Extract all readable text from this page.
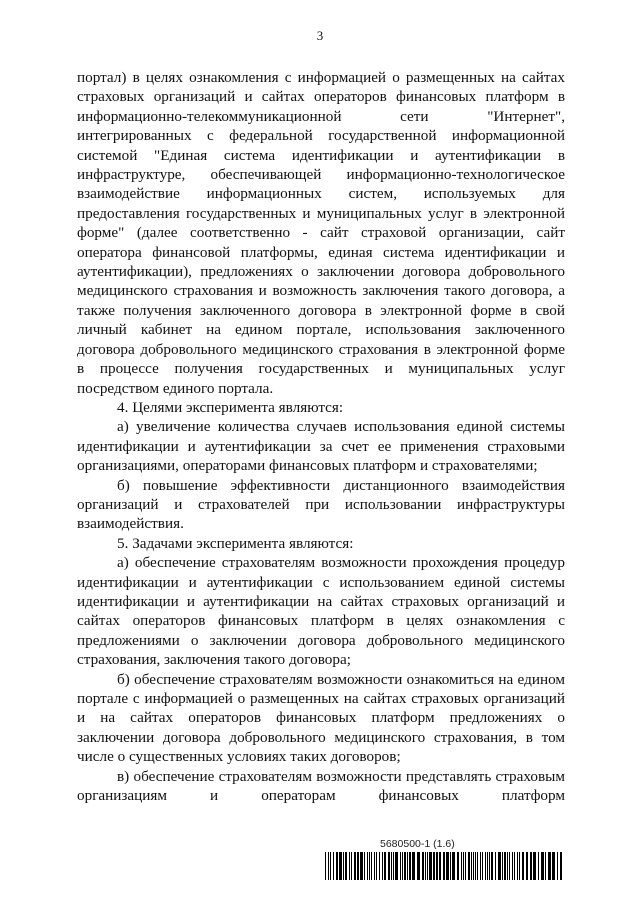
3

портал) в целях ознакомления с информацией о размещенных на сайтах страховых организаций и сайтах операторов финансовых платформ в информационно-телекоммуникационной сети "Интернет", интегрированных с федеральной государственной информационной системой "Единая система идентификации и аутентификации в инфраструктуре, обеспечивающей информационно-технологическое взаимодействие информационных систем, используемых для предоставления государственных и муниципальных услуг в электронной форме" (далее соответственно - сайт страховой организации, сайт оператора финансовой платформы, единая система идентификации и аутентификации), предложениях о заключении договора добровольного медицинского страхования и возможность заключения такого договора, а также получения заключенного договора в электронной форме в свой личный кабинет на едином портале, использования заключенного договора добровольного медицинского страхования в электронной форме в процессе получения государственных и муниципальных услуг посредством единого портала.

4. Целями эксперимента являются:

а) увеличение количества случаев использования единой системы идентификации и аутентификации за счет ее применения страховыми организациями, операторами финансовых платформ и страхователями;

б) повышение эффективности дистанционного взаимодействия организаций и страхователей при использовании инфраструктуры взаимодействия.

5. Задачами эксперимента являются:

а) обеспечение страхователям возможности прохождения процедур идентификации и аутентификации с использованием единой системы идентификации и аутентификации на сайтах страховых организаций и сайтах операторов финансовых платформ в целях ознакомления с предложениями о заключении договора добровольного медицинского страхования, заключения такого договора;

б) обеспечение страхователям возможности ознакомиться на едином портале с информацией о размещенных на сайтах страховых организаций и на сайтах операторов финансовых платформ предложениях о заключении договора добровольного медицинского страхования, в том числе о существенных условиях таких договоров;

в) обеспечение страхователям возможности представлять страховым организациям и операторам финансовых платформ

5680500-1 (1.6)
